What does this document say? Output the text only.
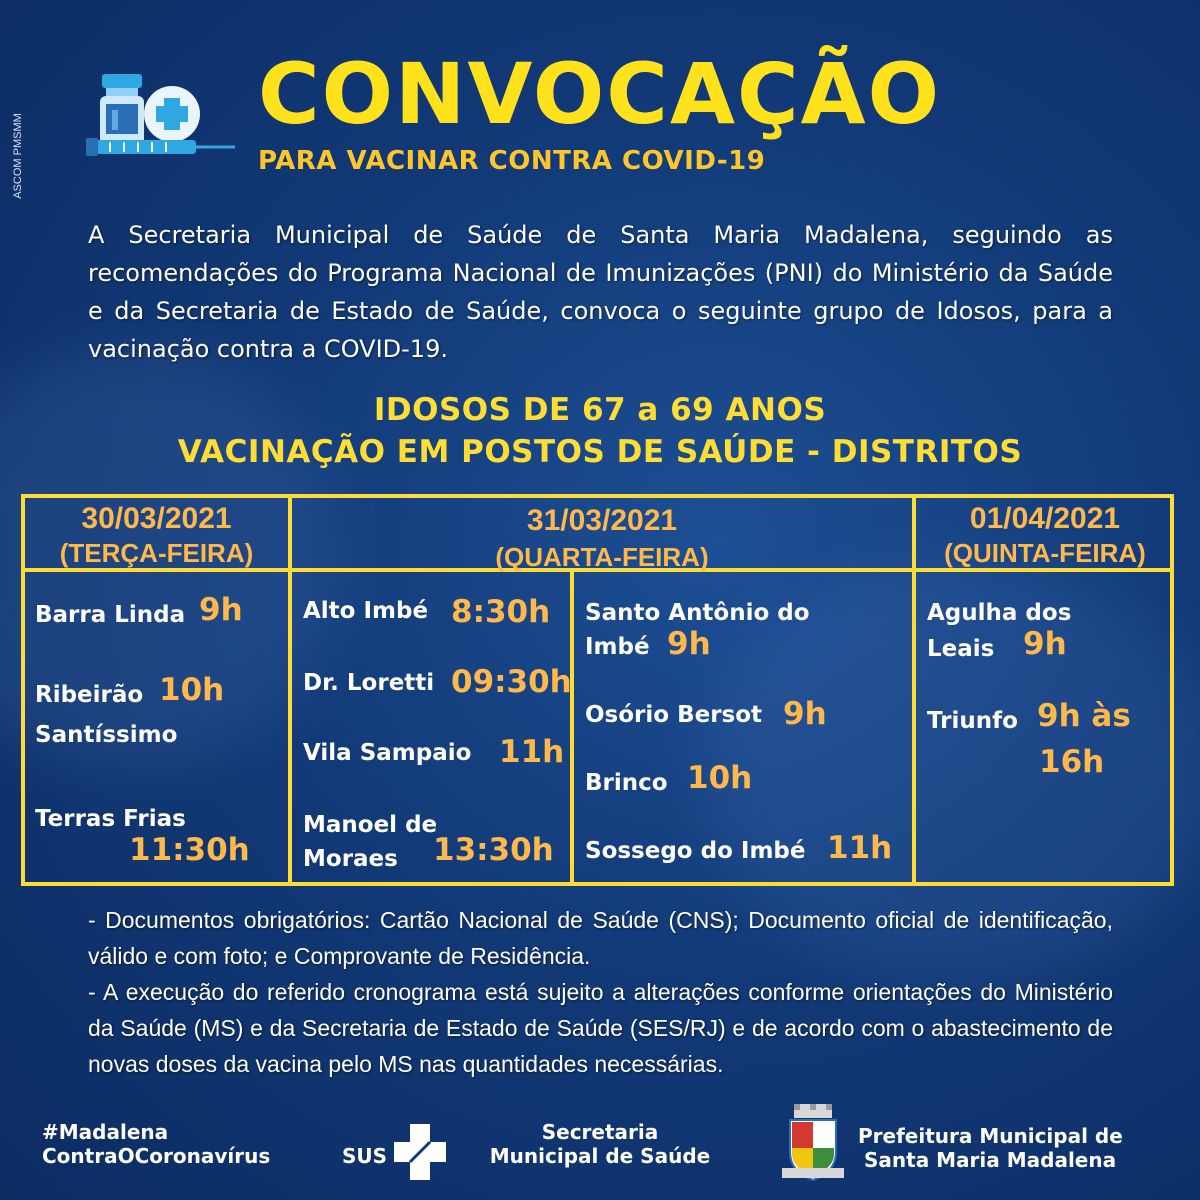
ASCOM PMSMM
CONVOCAÇÃO
PARA VACINAR CONTRA COVID-19
A Secretaria Municipal de Saúde de Santa Maria Madalena, seguindo as recomendações do Programa Nacional de Imunizações (PNI) do Ministério da Saúde e da Secretaria de Estado de Saúde, convoca o seguinte grupo de Idosos, para a vacinação contra a COVID-19.
IDOSOS DE 67 a 69 ANOS
VACINAÇÃO EM POSTOS DE SAÚDE - DISTRITOS
30/03/2021
(TERÇA-FEIRA)
31/03/2021
(QUARTA-FEIRA)
01/04/2021
(QUINTA-FEIRA)
Barra Linda 9h
Ribeirão 10h
Santíssimo
Terras Frias
11:30h
Alto Imbé 8:30h
Dr. Loretti 09:30h
Vila Sampaio 11h
Manoel de
Moraes 13:30h
Santo Antônio do
Imbé 9h
Osório Bersot 9h
Brinco 10h
Sossego do Imbé 11h
Agulha dos
Leais 9h
Triunfo 9h às
16h
- Documentos obrigatórios: Cartão Nacional de Saúde (CNS); Documento oficial de identificação, válido e com foto; e Comprovante de Residência.
- A execução do referido cronograma está sujeito a alterações conforme orientações do Ministério da Saúde (MS) e da Secretaria de Estado de Saúde (SES/RJ) e de acordo com o abastecimento de novas doses da vacina pelo MS nas quantidades necessárias.
#Madalena
ContraOCoronavírus	SUS
Secretaria
Municipal de Saúde
Prefeitura Municipal de
Santa Maria Madalena
